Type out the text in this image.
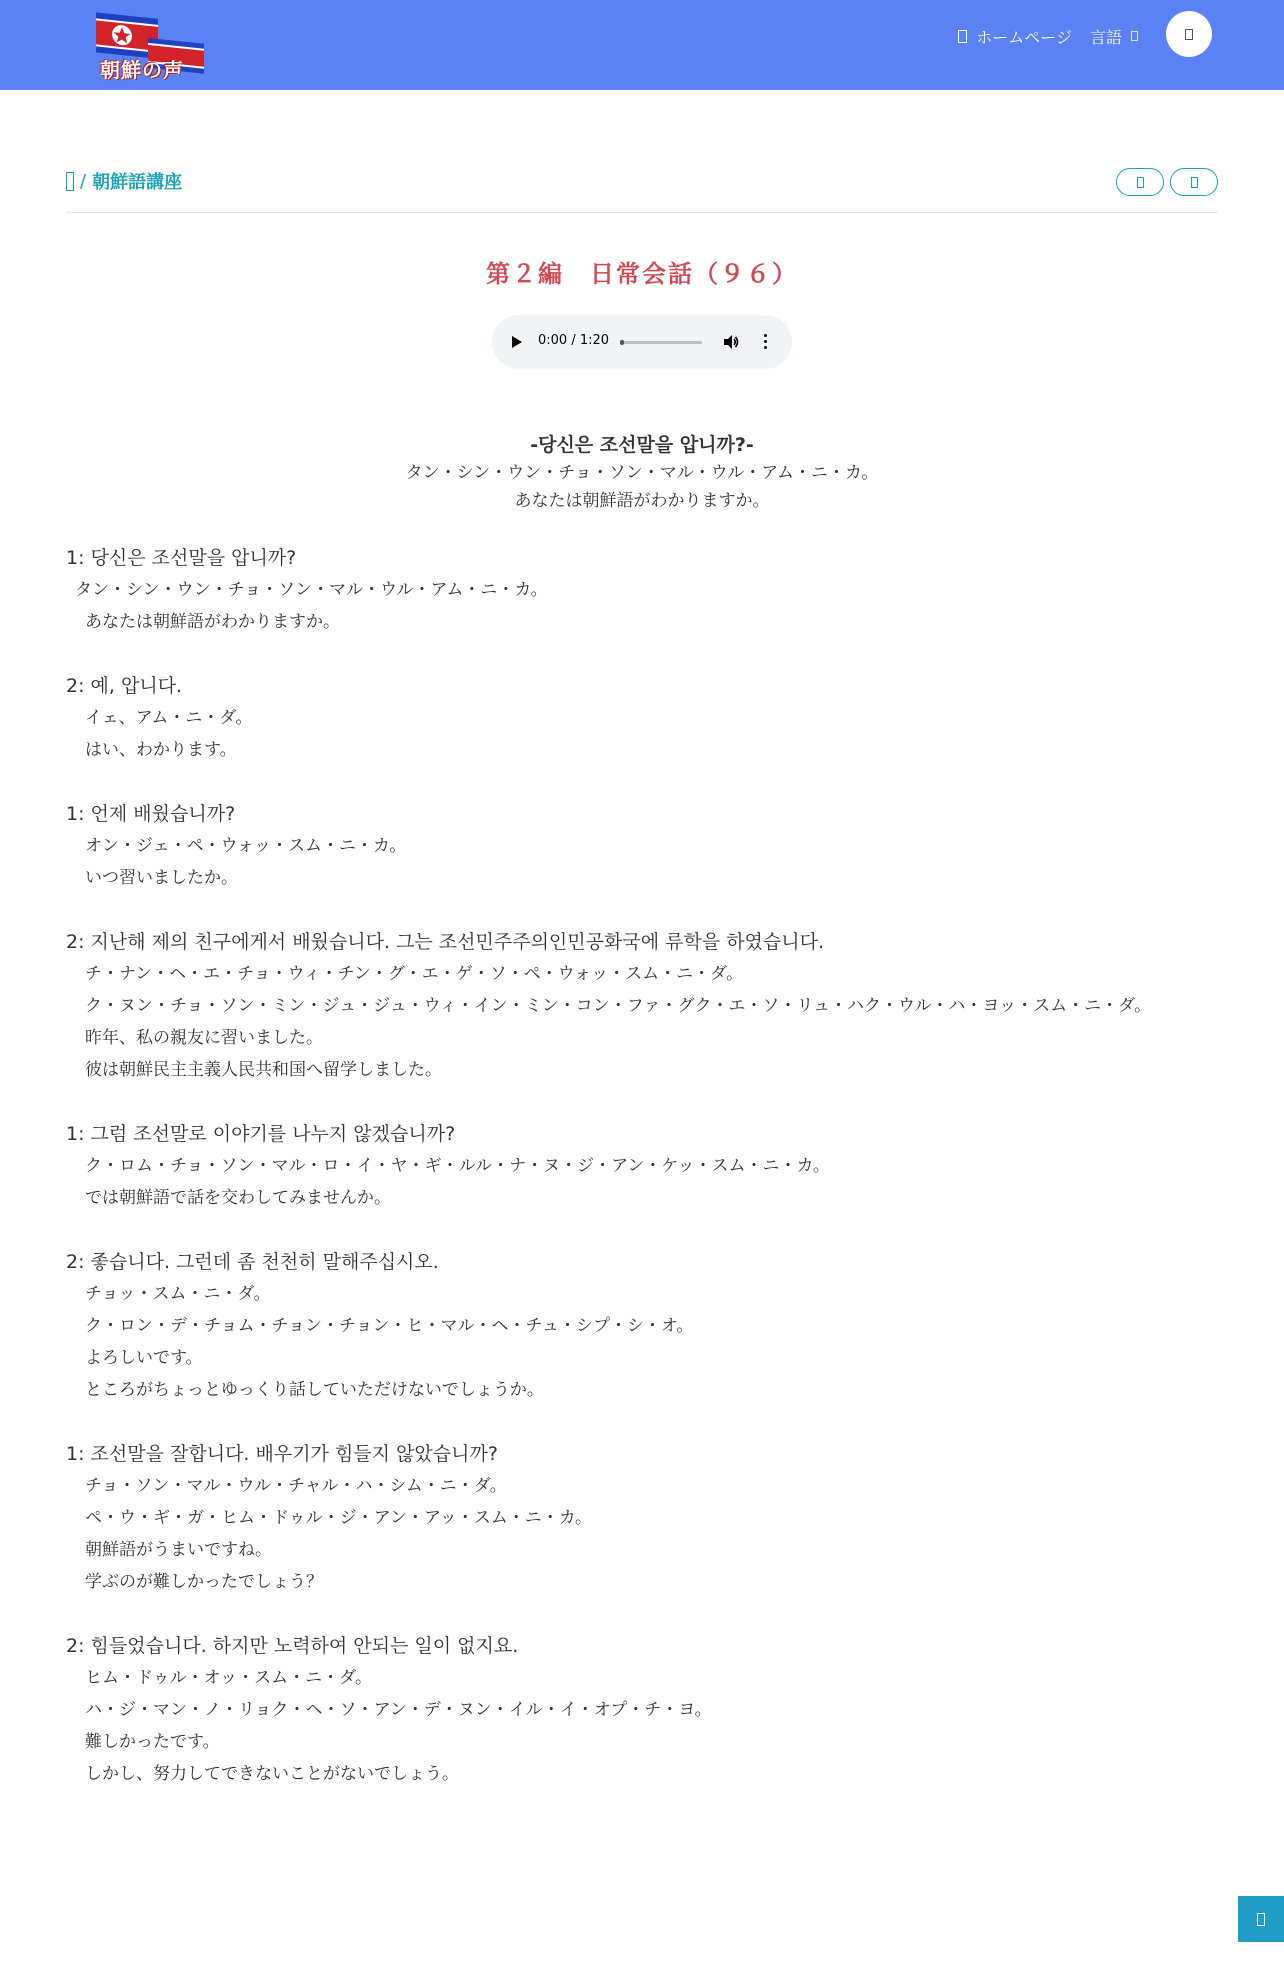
朝鮮の声
ホームページ 言語
/ 朝鮮語講座
第２編　日常会話（９６）
0:00 / 1:20
-당신은 조선말을 압니까?-
タン・シン・ウン・チョ・ソン・マル・ウル・アム・ニ・カ。
あなたは朝鮮語がわかりますか。
1: 당신은 조선말을 압니까?
タン・シン・ウン・チョ・ソン・マル・ウル・アム・ニ・カ。
あなたは朝鮮語がわかりますか。
2: 예, 압니다.
イェ、アム・ニ・ダ。
はい、わかります。
1: 언제 배웠습니까?
オン・ジェ・ペ・ウォッ・スム・ニ・カ。
いつ習いましたか。
2: 지난해 제의 친구에게서 배웠습니다. 그는 조선민주주의인민공화국에 류학을 하였습니다.
チ・ナン・ヘ・エ・チョ・ウィ・チン・グ・エ・ゲ・ソ・ペ・ウォッ・スム・ニ・ダ。
ク・ヌン・チョ・ソン・ミン・ジュ・ジュ・ウィ・イン・ミン・コン・ファ・グク・エ・ソ・リュ・ハク・ウル・ハ・ヨッ・スム・ニ・ダ。
昨年、私の親友に習いました。
彼は朝鮮民主主義人民共和国へ留学しました。
1: 그럼 조선말로 이야기를 나누지 않겠습니까?
ク・ロム・チョ・ソン・マル・ロ・イ・ヤ・ギ・ルル・ナ・ヌ・ジ・アン・ケッ・スム・ニ・カ。
では朝鮮語で話を交わしてみませんか。
2: 좋습니다. 그런데 좀 천천히 말해주십시오.
チョッ・スム・ニ・ダ。
ク・ロン・デ・チョム・チョン・チョン・ヒ・マル・ヘ・チュ・シプ・シ・オ。
よろしいです。
ところがちょっとゆっくり話していただけないでしょうか。
1: 조선말을 잘합니다. 배우기가 힘들지 않았습니까?
チョ・ソン・マル・ウル・チャル・ハ・シム・ニ・ダ。
ペ・ウ・ギ・ガ・ヒム・ドゥル・ジ・アン・アッ・スム・ニ・カ。
朝鮮語がうまいですね。
学ぶのが難しかったでしょう？
2: 힘들었습니다. 하지만 노력하여 안되는 일이 없지요.
ヒム・ドゥル・オッ・スム・ニ・ダ。
ハ・ジ・マン・ノ・リョク・ヘ・ソ・アン・デ・ヌン・イル・イ・オプ・チ・ヨ。
難しかったです。
しかし、努力してできないことがないでしょう。
